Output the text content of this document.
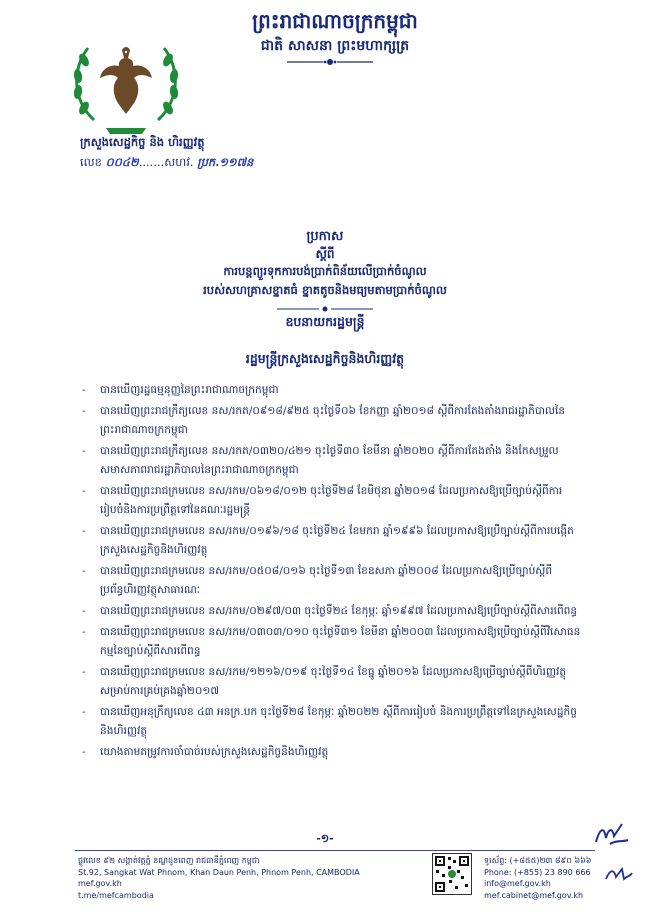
ព្រះរាជាណាចក្រកម្ពុជា
ជាតិ សាសនា ព្រះមហាក្សត្រ
ក្រសួងសេដ្ឋកិច្ច និង ហិរញ្ញវត្ថុ
លេខ ០០៤២.......សហវ. ប្រក.១១៧ន
ប្រកាស
ស្តីពី
ការបន្តព្យួរទុកការបង់ប្រាក់ពិន័យលើប្រាក់ចំណូល
របស់សហគ្រាសខ្នាតធំ ខ្នាតតូចនិងមធ្យមតាមប្រាក់ចំណូល
ឧបនាយករដ្ឋមន្ត្រី
រដ្ឋមន្ត្រីក្រសួងសេដ្ឋកិច្ចនិងហិរញ្ញវត្ថុ
- បានឃើញរដ្ឋធម្មនុញ្ញនៃព្រះរាជាណាចក្រកម្ពុជា
- បានឃើញព្រះរាជក្រឹត្យលេខ នស/រកត/០៩១៨/៩២៥ ចុះថ្ងៃទី០៦ ខែកញ្ញា ឆ្នាំ២០១៨ ស្តីពីការតែងតាំងរាជរដ្ឋាភិបាលនៃព្រះរាជាណាចក្រកម្ពុជា
- បានឃើញព្រះរាជក្រឹត្យលេខ នស/រកត/០៣២០/៤២១ ចុះថ្ងៃទី៣០ ខែមីនា ឆ្នាំ២០២០ ស្តីពីការតែងតាំង និងកែសម្រួលសមាសភាពរាជរដ្ឋាភិបាលនៃព្រះរាជាណាចក្រកម្ពុជា
- បានឃើញព្រះរាជក្រមលេខ នស/រកម/០៦១៨/០១២ ចុះថ្ងៃទី២៨ ខែមិថុនា ឆ្នាំ២០១៨ ដែលប្រកាសឱ្យប្រើច្បាប់ស្តីពីការរៀបចំនិងការប្រព្រឹត្តទៅនៃគណៈរដ្ឋមន្ត្រី
- បានឃើញព្រះរាជក្រមលេខ នស/រកម/០១៩៦/១៨ ចុះថ្ងៃទី២៤ ខែមករា ឆ្នាំ១៩៩៦ ដែលប្រកាសឱ្យប្រើច្បាប់ស្តីពីការបង្កើតក្រសួងសេដ្ឋកិច្ចនិងហិរញ្ញវត្ថុ
- បានឃើញព្រះរាជក្រមលេខ នស/រកម/០៥០៨/០១៦ ចុះថ្ងៃទី១៣ ខែឧសភា ឆ្នាំ២០០៨ ដែលប្រកាសឱ្យប្រើច្បាប់ស្តីពីប្រព័ន្ធហិរញ្ញវត្ថុសាធារណៈ
- បានឃើញព្រះរាជក្រមលេខ នស/រកម/០២៩៧/០៣ ចុះថ្ងៃទី២៤ ខែកុម្ភៈ ឆ្នាំ១៩៩៧ ដែលប្រកាសឱ្យប្រើច្បាប់ស្តីពីសារពើពន្ធ
- បានឃើញព្រះរាជក្រមលេខ នស/រកម/០៣០៣/០១០ ចុះថ្ងៃទី៣១ ខែមីនា ឆ្នាំ២០០៣ ដែលប្រកាសឱ្យប្រើច្បាប់ស្តីពីវិសោធនកម្មនៃច្បាប់ស្តីពីសារពើពន្ធ
- បានឃើញព្រះរាជក្រមលេខ នស/រកម/១២១៦/០១៩ ចុះថ្ងៃទី១៤ ខែធ្នូ ឆ្នាំ២០១៦ ដែលប្រកាសឱ្យប្រើច្បាប់ស្តីពីហិរញ្ញវត្ថុសម្រាប់ការគ្រប់គ្រងឆ្នាំ២០១៧
- បានឃើញអនុក្រឹត្យលេខ ៤៣ អនក្រ.បក ចុះថ្ងៃទី២៨ ខែកុម្ភៈ ឆ្នាំ២០២២ ស្តីពីការរៀបចំ និងការប្រព្រឹត្តទៅនៃក្រសួងសេដ្ឋកិច្ចនិងហិរញ្ញវត្ថុ
- យោងតាមតម្រូវការចាំបាច់របស់ក្រសួងសេដ្ឋកិច្ចនិងហិរញ្ញវត្ថុ
-១-
ផ្លូវលេខ ៩២ សង្កាត់វត្តភ្នំ ខណ្ឌដូនពេញ រាជធានីភ្នំពេញ កម្ពុជា
St.92, Sangkat Wat Phnom, Khan Daun Penh, Phnom Penh, CAMBODIA
mef.gov.kh
t.me/mefcambodia
ទូរស័ព្ទ: (+៨៥៥)២៣ ៨៩០ ៦៦៦
Phone: (+855) 23 890 666
info@mef.gov.kh
mef.cabinet@mef.gov.kh
